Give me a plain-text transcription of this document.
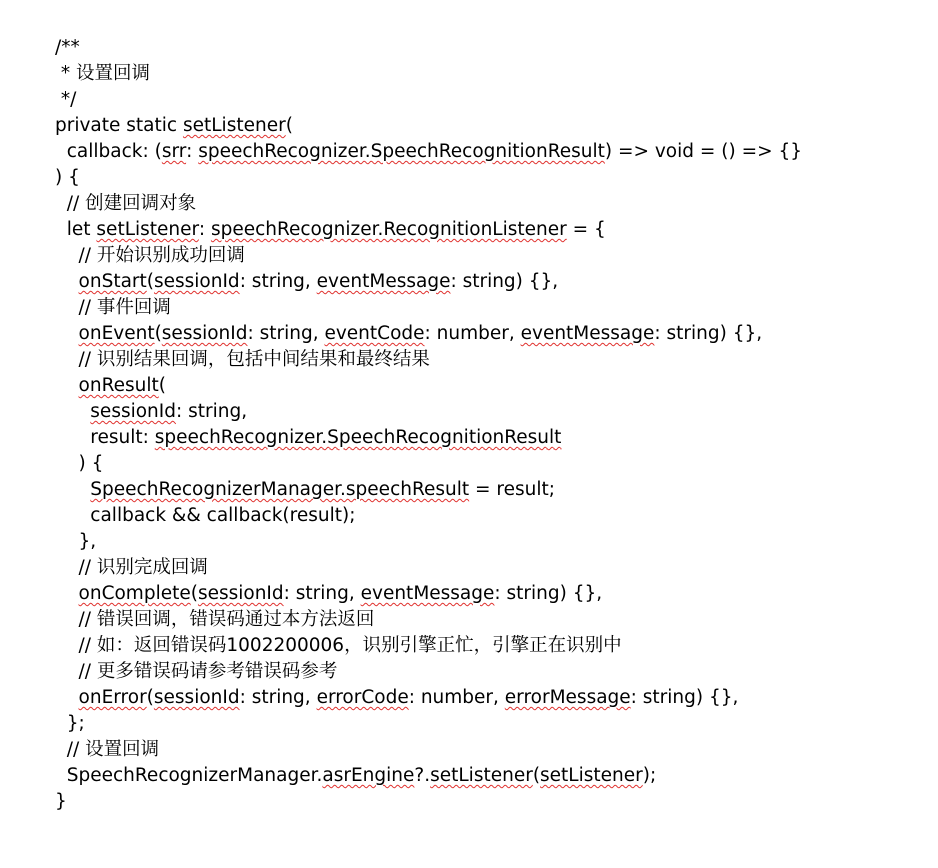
/**
* 设置回调
*/
private static setListener(
callback: (srr: speechRecognizer.SpeechRecognitionResult) => void = () => {}
) {
// 创建回调对象
let setListener: speechRecognizer.RecognitionListener = {
// 开始识别成功回调
onStart(sessionId: string, eventMessage: string) {},
// 事件回调
onEvent(sessionId: string, eventCode: number, eventMessage: string) {},
// 识别结果回调，包括中间结果和最终结果
onResult(
sessionId: string,
result: speechRecognizer.SpeechRecognitionResult
) {
SpeechRecognizerManager.speechResult = result;
callback && callback(result);
},
// 识别完成回调
onComplete(sessionId: string, eventMessage: string) {},
// 错误回调，错误码通过本方法返回
// 如：返回错误码1002200006，识别引擎正忙，引擎正在识别中
// 更多错误码请参考错误码参考
onError(sessionId: string, errorCode: number, errorMessage: string) {},
};
// 设置回调
SpeechRecognizerManager.asrEngine?.setListener(setListener);
}
